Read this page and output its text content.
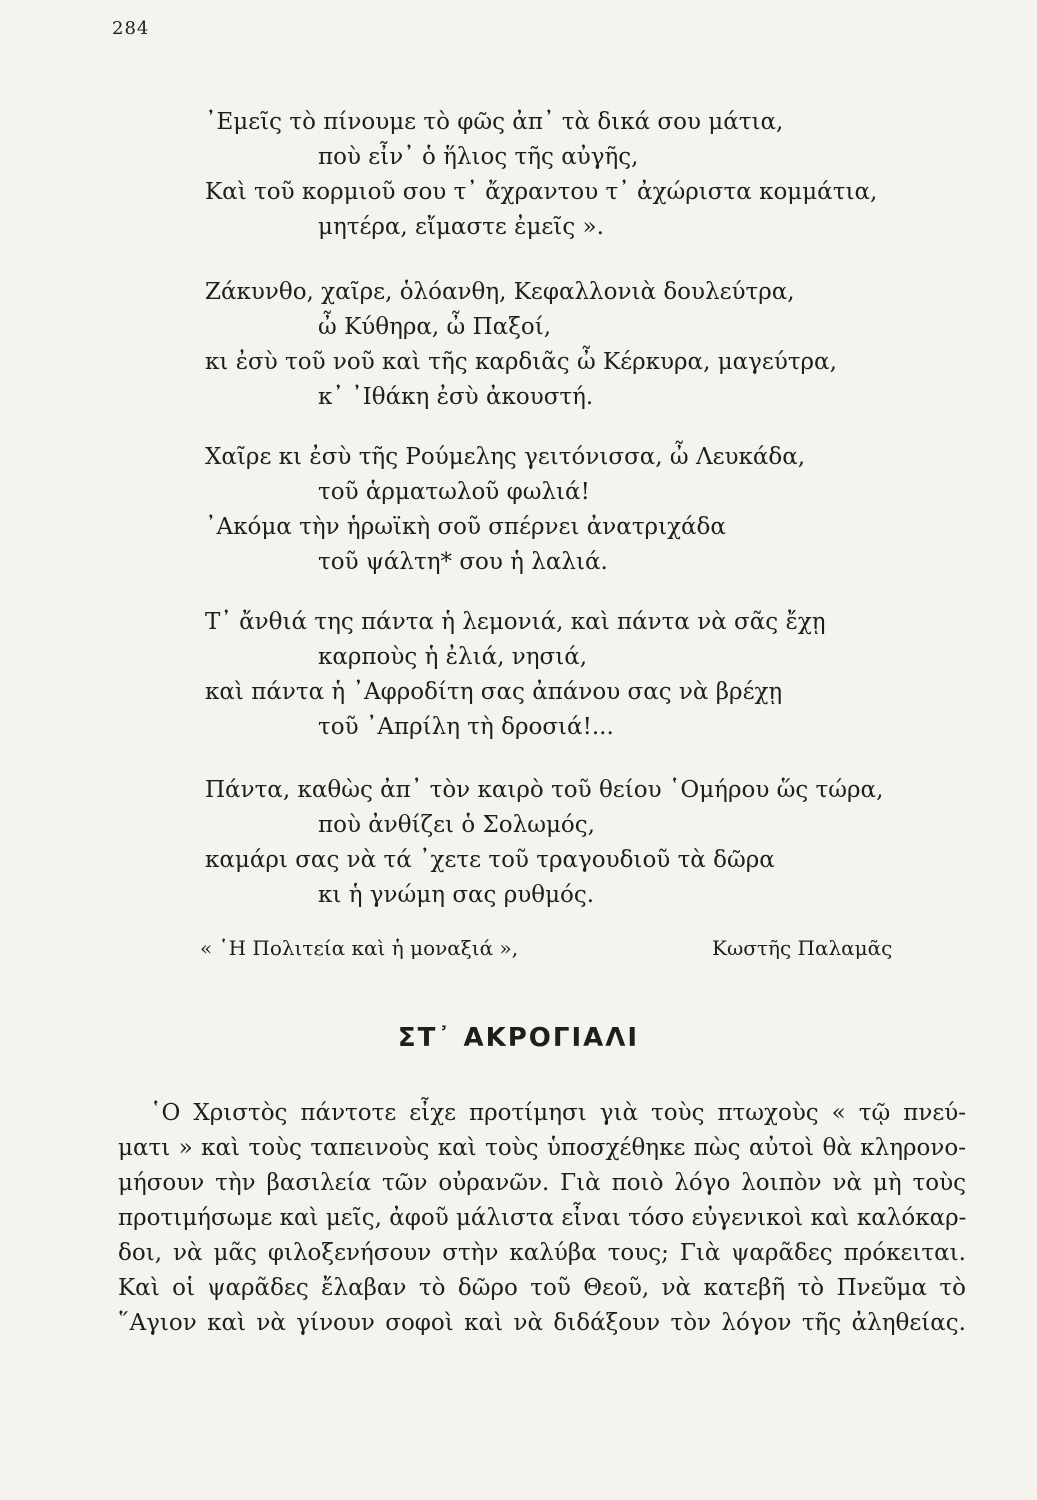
284
᾿Εμεῖς τὸ πίνουμε τὸ φῶς ἀπ᾿ τὰ δικά σου μάτια,
ποὺ εἶν᾿ ὁ ἥλιος τῆς αὐγῆς,
Καὶ τοῦ κορμιοῦ σου τ᾿ ἄχραντου τ᾿ ἀχώριστα κομμάτια,
μητέρα, εἴμαστε ἐμεῖς ».
Ζάκυνθο, χαῖρε, ὁλόανθη, Κεφαλλονιὰ δουλεύτρα,
ὦ Κύθηρα, ὦ Παξοί,
κι ἐσὺ τοῦ νοῦ καὶ τῆς καρδιᾶς ὦ Κέρκυρα, μαγεύτρα,
κ᾿ ᾿Ιθάκη ἐσὺ ἀκουστή.
Χαῖρε κι ἐσὺ τῆς Ρούμελης γειτόνισσα, ὦ Λευκάδα,
τοῦ ἁρματωλοῦ φωλιά!
᾿Ακόμα τὴν ἡρωϊκὴ σοῦ σπέρνει ἀνατριχάδα
τοῦ ψάλτη* σου ἡ λαλιά.
Τ᾿ ἄνθιά της πάντα ἡ λεμονιά, καὶ πάντα νὰ σᾶς ἔχῃ
καρποὺς ἡ ἐλιά, νησιά,
καὶ πάντα ἡ ᾿Αφροδίτη σας ἀπάνου σας νὰ βρέχῃ
τοῦ ᾿Απρίλη τὴ δροσιά!...
Πάντα, καθὼς ἀπ᾿ τὸν καιρὸ τοῦ θείου ῾Ομήρου ὥς τώρα,
ποὺ ἀνθίζει ὁ Σολωμός,
καμάρι σας νὰ τά ᾿χετε τοῦ τραγουδιοῦ τὰ δῶρα
κι ἡ γνώμη σας ρυθμός.
« ῾Η Πολιτεία καὶ ἡ μοναξιά »,	Κωστῆς Παλαμᾶς
ΣΤ᾿ ΑΚΡΟΓΙΑΛΙ
῾Ο Χριστὸς πάντοτε εἶχε προτίμησι γιὰ τοὺς πτωχοὺς « τῷ πνεύ-
ματι » καὶ τοὺς ταπεινοὺς καὶ τοὺς ὑποσχέθηκε πὼς αὐτοὶ θὰ κληρονο-
μήσουν τὴν βασιλεία τῶν οὐρανῶν. Γιὰ ποιὸ λόγο λοιπὸν νὰ μὴ τοὺς
προτιμήσωμε καὶ μεῖς, ἀφοῦ μάλιστα εἶναι τόσο εὐγενικοὶ καὶ καλόκαρ-
δοι, νὰ μᾶς φιλοξενήσουν στὴν καλύβα τους; Γιὰ ψαρᾶδες πρόκειται.
Καὶ οἱ ψαρᾶδες ἔλαβαν τὸ δῶρο τοῦ Θεοῦ, νὰ κατεβῆ τὸ Πνεῦμα τὸ
῞Αγιον καὶ νὰ γίνουν σοφοὶ καὶ νὰ διδάξουν τὸν λόγον τῆς ἀληθείας.
